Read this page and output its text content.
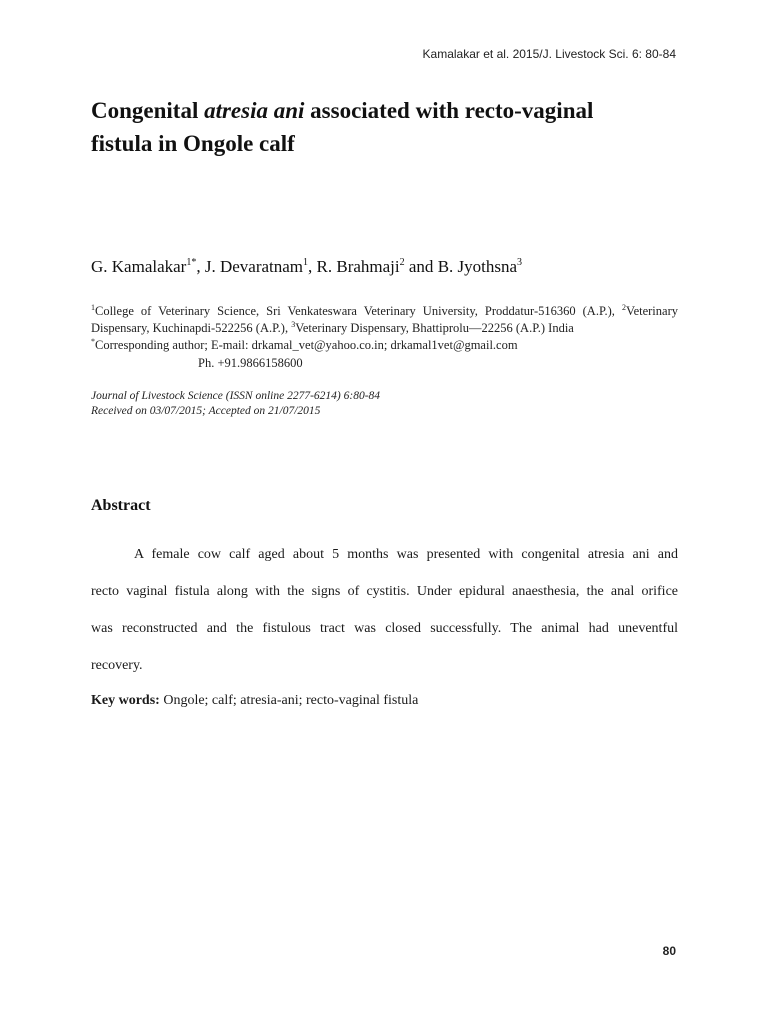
Kamalakar et al. 2015/J. Livestock Sci. 6: 80-84
Congenital atresia ani associated with recto-vaginal
fistula in Ongole calf
G. Kamalakar$^{1*}$, J. Devaratnam$^1$, R. Brahmaji$^2$ and B. Jyothsna$^3$
$^1$College of Veterinary Science, Sri Venkateswara Veterinary University, Proddatur-516360 (A.P.), $^2$Veterinary
Dispensary, Kuchinapdi-522256 (A.P.), $^3$Veterinary Dispensary, Bhattiprolu—22256 (A.P.) India
*Corresponding author; E-mail: drkamal_vet@yahoo.co.in; drkamal1vet@gmail.com
Ph. +91.9866158600
Journal of Livestock Science (ISSN online 2277-6214) 6:80-84
Received on 03/07/2015; Accepted on 21/07/2015
Abstract
A female cow calf aged about 5 months was presented with congenital atresia ani and
recto vaginal fistula along with the signs of cystitis. Under epidural anaesthesia, the anal orifice
was reconstructed and the fistulous tract was closed successfully. The animal had uneventful
recovery.
Key words: Ongole; calf; atresia-ani; recto-vaginal fistula
80
